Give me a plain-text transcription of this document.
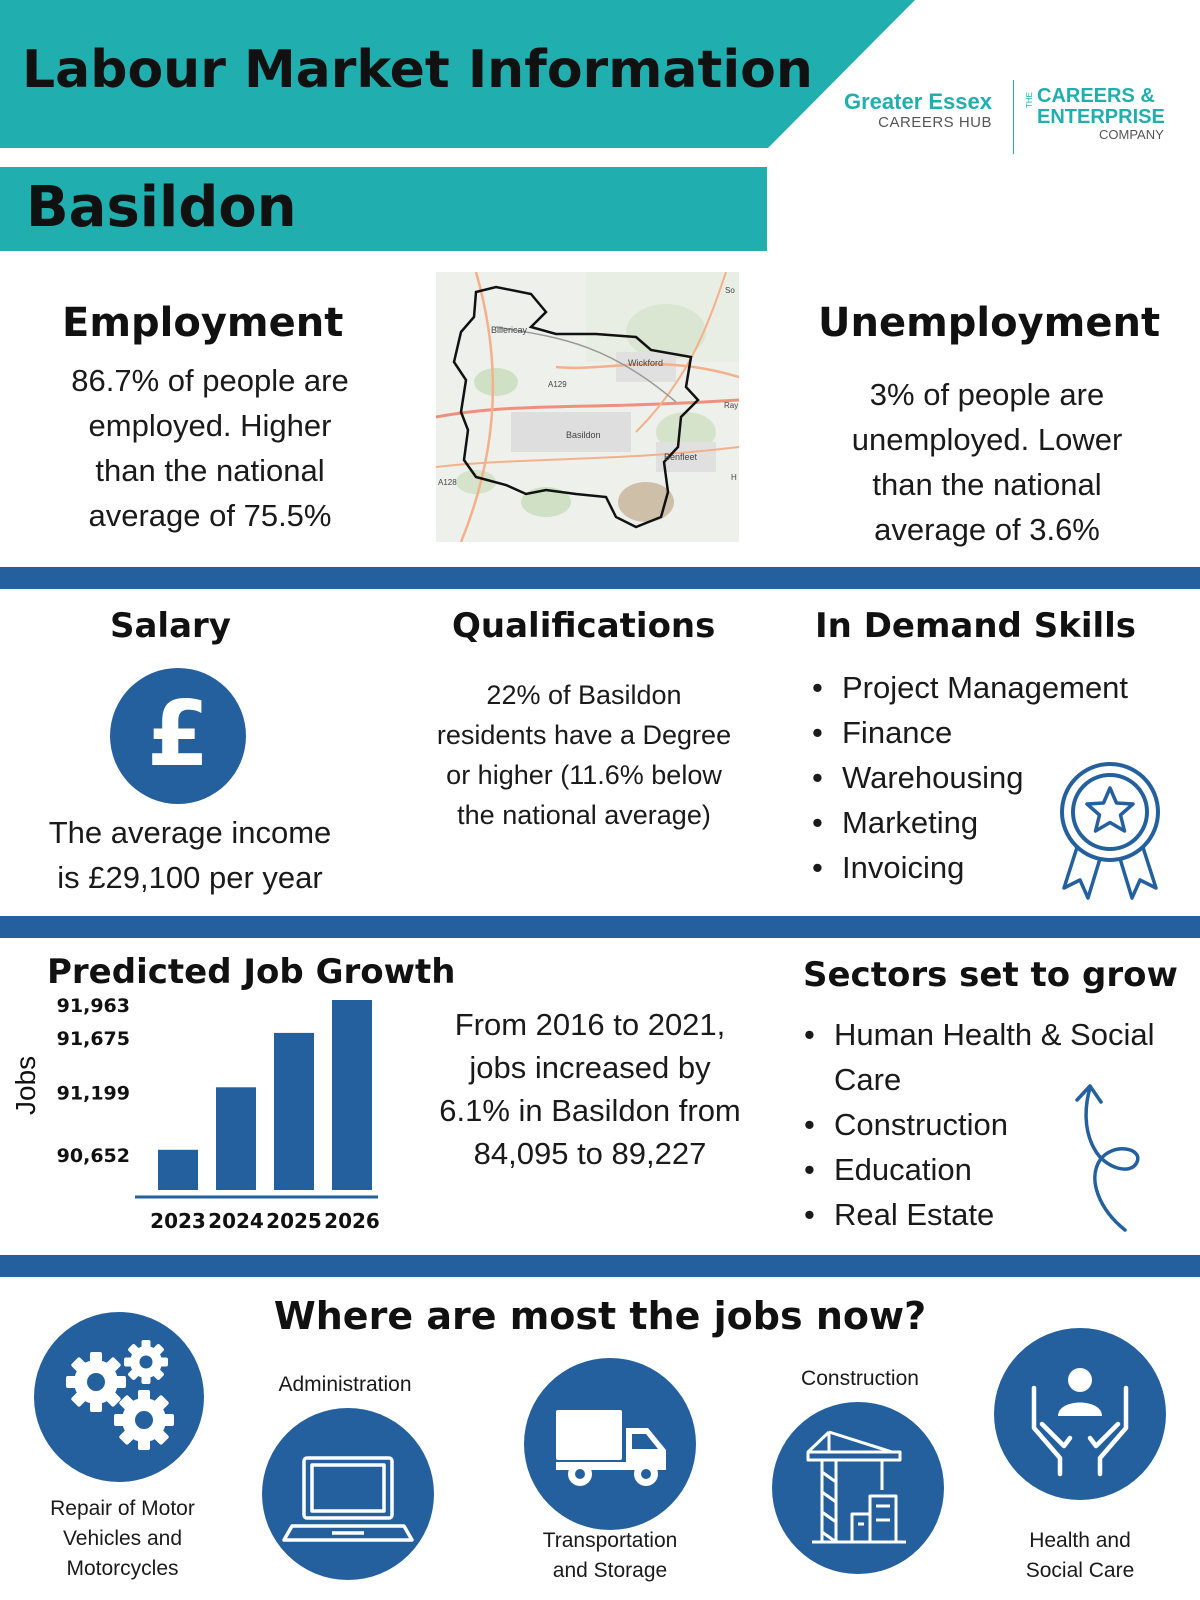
Labour Market Information
Basildon
Greater Essex
CAREERS HUB
THE CAREERS &
ENTERPRISE
COMPANY
Employment
86.7% of people are
employed. Higher
than the national
average of 75.5%
Billericay
Wickford
A129
Basildon
Benfleet
A128
So
Ray
H
Unemployment
3% of people are
unemployed. Lower
than the national
average of 3.6%
Salary
£
The average income
is £29,100 per year
Qualifications
22% of Basildon
residents have a Degree
or higher (11.6% below
the national average)
In Demand Skills
• Project Management
• Finance
• Warehousing
• Marketing
• Invoicing
Predicted Job Growth
Jobs
2023
90,652
2024
91,199
2025
91,675
2026
91,963
From 2016 to 2021,
jobs increased by
6.1% in Basildon from
84,095 to 89,227
Sectors set to grow
• Human Health & Social
Care
• Construction
• Education
• Real Estate
Where are most the jobs now?
Repair of Motor
Vehicles and
Motorcycles
Administration
Transportation
and Storage
Construction
Health and
Social Care
